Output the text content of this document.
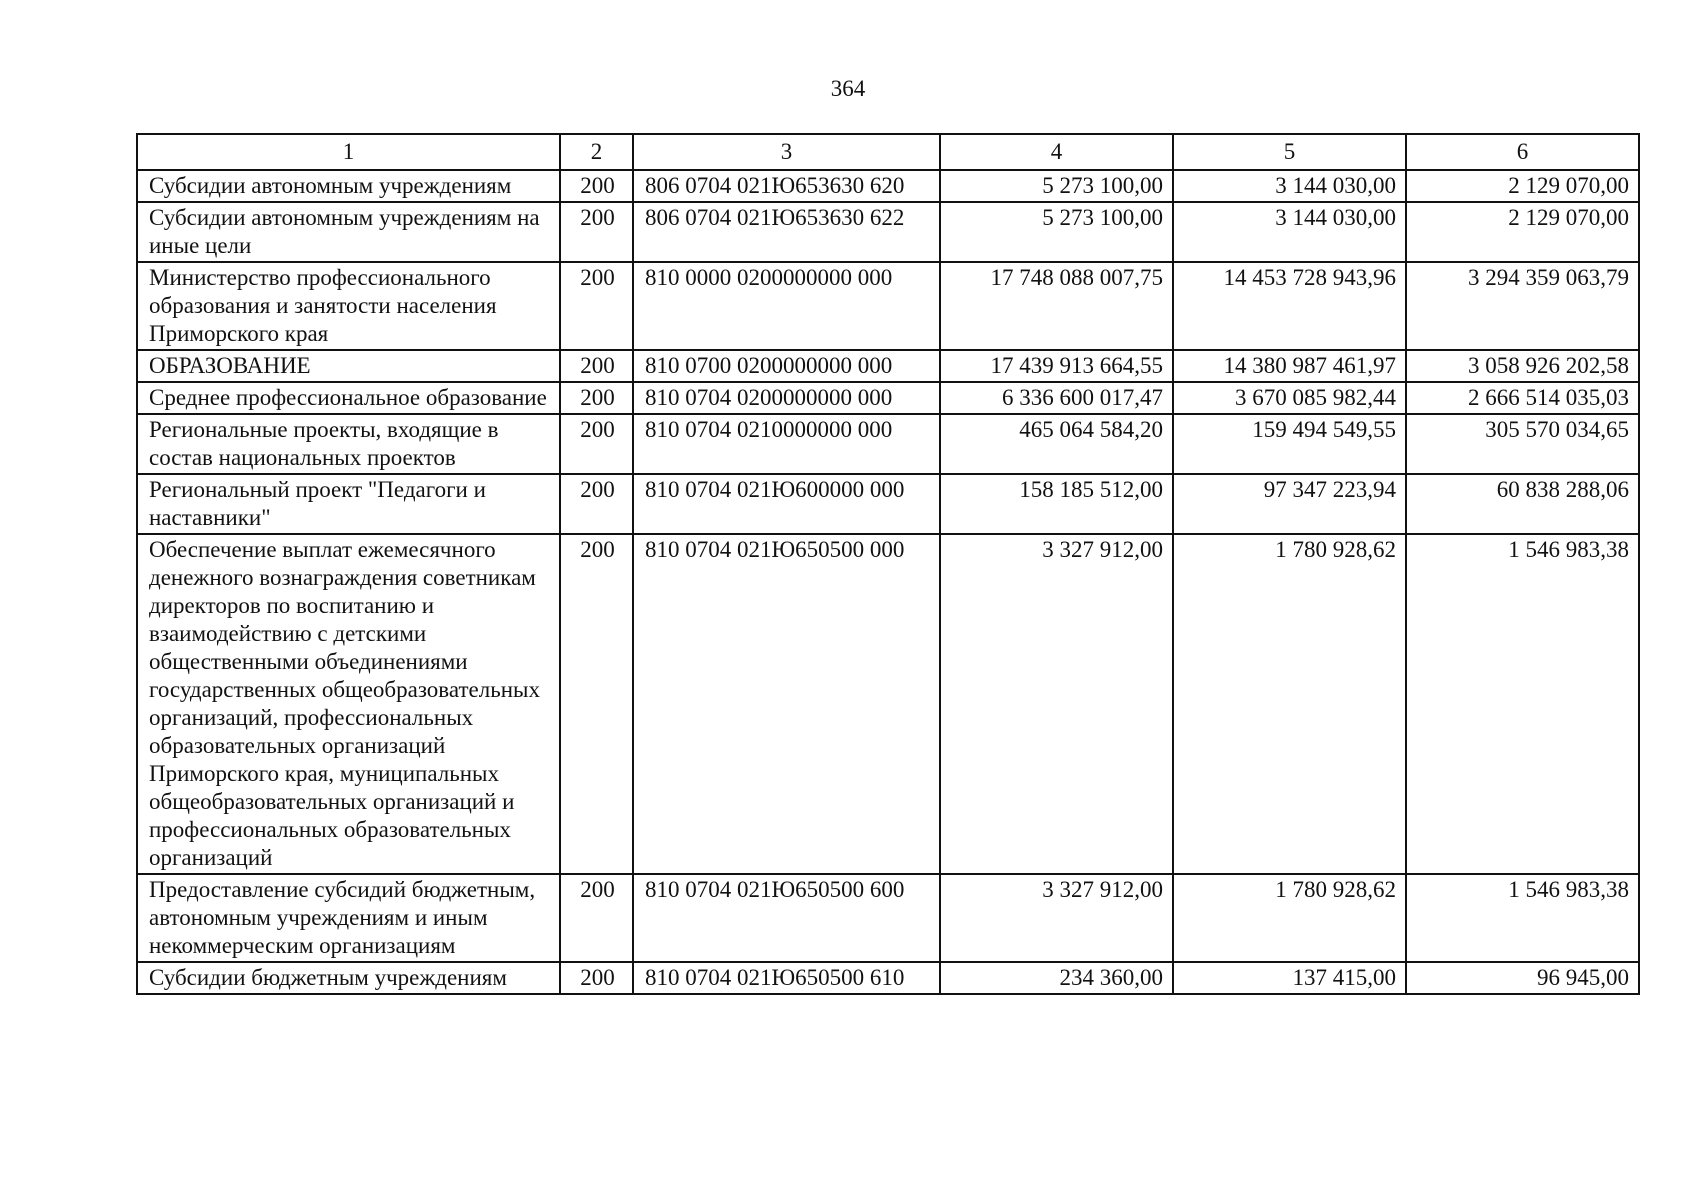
364
1	2	3	4	5	6
Субсидии автономным учреждениям	200	806 0704 021Ю653630 620	5 273 100,00	3 144 030,00	2 129 070,00
Субсидии автономным учреждениям на иные цели	200	806 0704 021Ю653630 622	5 273 100,00	3 144 030,00	2 129 070,00
Министерство профессионального образования и занятости населения Приморского края	200	810 0000 0200000000 000	17 748 088 007,75	14 453 728 943,96	3 294 359 063,79
ОБРАЗОВАНИЕ	200	810 0700 0200000000 000	17 439 913 664,55	14 380 987 461,97	3 058 926 202,58
Среднее профессиональное образование	200	810 0704 0200000000 000	6 336 600 017,47	3 670 085 982,44	2 666 514 035,03
Региональные проекты, входящие в состав национальных проектов	200	810 0704 0210000000 000	465 064 584,20	159 494 549,55	305 570 034,65
Региональный проект "Педагоги и наставники"	200	810 0704 021Ю600000 000	158 185 512,00	97 347 223,94	60 838 288,06
Обеспечение выплат ежемесячного денежного вознаграждения советникам директоров по воспитанию и взаимодействию с детскими общественными объединениями государственных общеобразовательных организаций, профессиональных образовательных организаций Приморского края, муниципальных общеобразовательных организаций и профессиональных образовательных организаций	200	810 0704 021Ю650500 000	3 327 912,00	1 780 928,62	1 546 983,38
Предоставление субсидий бюджетным, автономным учреждениям и иным некоммерческим организациям	200	810 0704 021Ю650500 600	3 327 912,00	1 780 928,62	1 546 983,38
Субсидии бюджетным учреждениям	200	810 0704 021Ю650500 610	234 360,00	137 415,00	96 945,00
